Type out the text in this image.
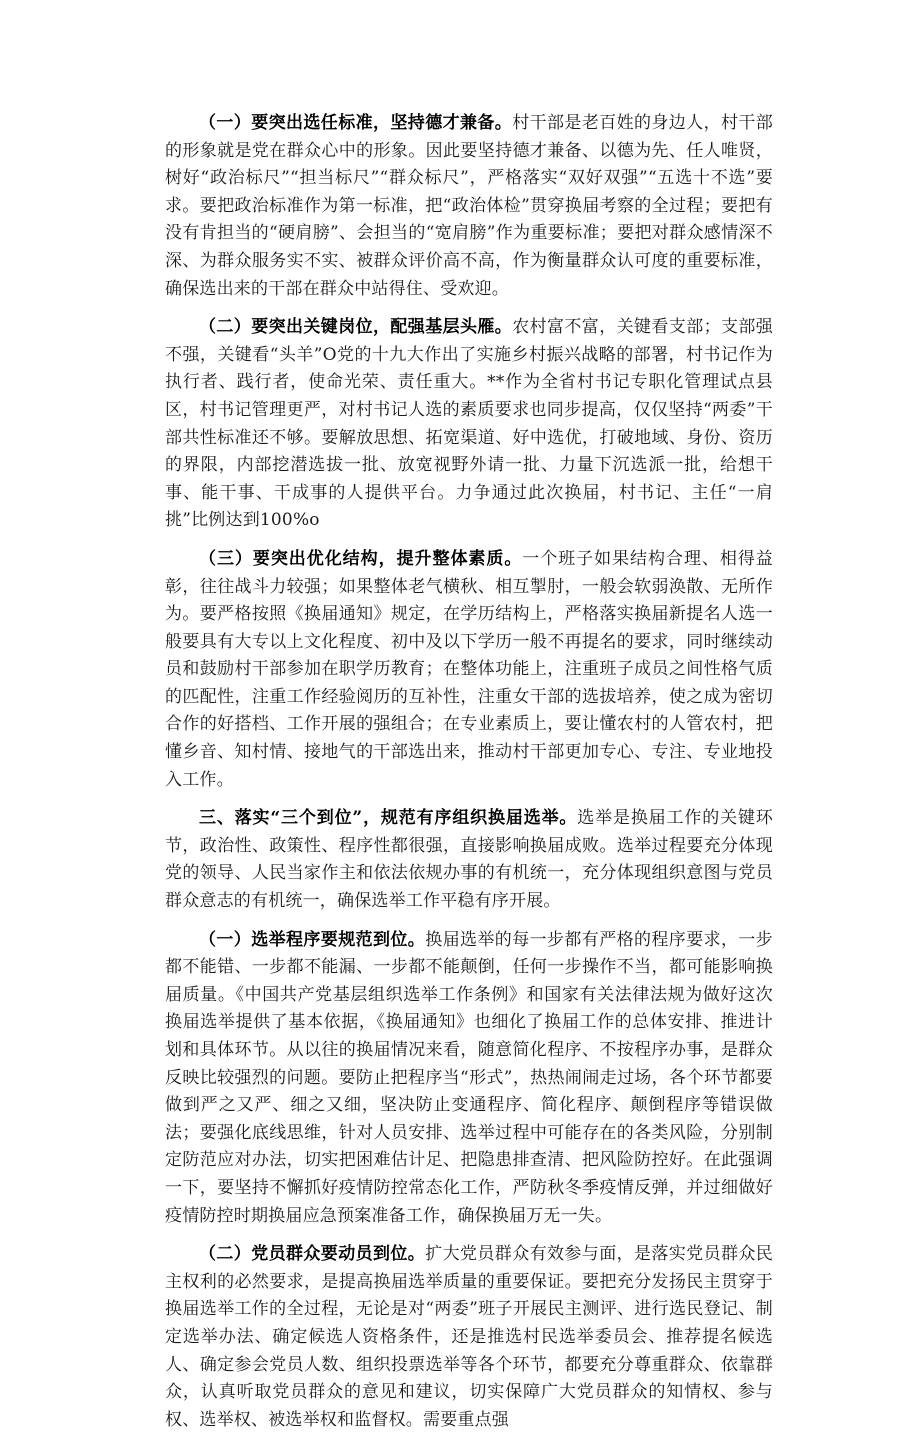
（一）要突出选任标准，坚持德才兼备。村干部是老百姓的身边人，村干部的形象就是党在群众心中的形象。因此要坚持德才兼备、以德为先、任人唯贤，树好“政治标尺”“担当标尺”“群众标尺”，严格落实“双好双强”“五选十不选”要求。要把政治标准作为第一标准，把“政治体检”贯穿换届考察的全过程；要把有没有肯担当的“硬肩膀”、会担当的“宽肩膀”作为重要标准；要把对群众感情深不深、为群众服务实不实、被群众评价高不高，作为衡量群众认可度的重要标准，确保选出来的干部在群众中站得住、受欢迎。

（二）要突出关键岗位，配强基层头雁。农村富不富，关键看支部；支部强不强，关键看“头羊”O党的十九大作出了实施乡村振兴战略的部署，村书记作为执行者、践行者，使命光荣、责任重大。**作为全省村书记专职化管理试点县区，村书记管理更严，对村书记人选的素质要求也同步提高，仅仅坚持“两委”干部共性标准还不够。要解放思想、拓宽渠道、好中选优，打破地域、身份、资历的界限，内部挖潜选拔一批、放宽视野外请一批、力量下沉选派一批，给想干事、能干事、干成事的人提供平台。力争通过此次换届，村书记、主任“一肩挑”比例达到100%o

（三）要突出优化结构，提升整体素质。一个班子如果结构合理、相得益彰，往往战斗力较强；如果整体老气横秋、相互掣肘，一般会软弱涣散、无所作为。要严格按照《换届通知》规定，在学历结构上，严格落实换届新提名人选一般要具有大专以上文化程度、初中及以下学历一般不再提名的要求，同时继续动员和鼓励村干部参加在职学历教育；在整体功能上，注重班子成员之间性格气质的匹配性，注重工作经验阅历的互补性，注重女干部的选拔培养，使之成为密切合作的好搭档、工作开展的强组合；在专业素质上，要让懂农村的人管农村，把懂乡音、知村情、接地气的干部选出来，推动村干部更加专心、专注、专业地投入工作。

三、落实“三个到位”，规范有序组织换届选举。选举是换届工作的关键环节，政治性、政策性、程序性都很强，直接影响换届成败。选举过程要充分体现党的领导、人民当家作主和依法依规办事的有机统一，充分体现组织意图与党员群众意志的有机统一，确保选举工作平稳有序开展。

（一）选举程序要规范到位。换届选举的每一步都有严格的程序要求，一步都不能错、一步都不能漏、一步都不能颠倒，任何一步操作不当，都可能影响换届质量。《中国共产党基层组织选举工作条例》和国家有关法律法规为做好这次换届选举提供了基本依据，《换届通知》也细化了换届工作的总体安排、推进计划和具体环节。从以往的换届情况来看，随意简化程序、不按程序办事，是群众反映比较强烈的问题。要防止把程序当“形式”，热热闹闹走过场，各个环节都要做到严之又严、细之又细，坚决防止变通程序、简化程序、颠倒程序等错误做法；要强化底线思维，针对人员安排、选举过程中可能存在的各类风险，分别制定防范应对办法，切实把困难估计足、把隐患排查清、把风险防控好。在此强调一下，要坚持不懈抓好疫情防控常态化工作，严防秋冬季疫情反弹，并过细做好疫情防控时期换届应急预案准备工作，确保换届万无一失。

（二）党员群众要动员到位。扩大党员群众有效参与面，是落实党员群众民主权利的必然要求，是提高换届选举质量的重要保证。要把充分发扬民主贯穿于换届选举工作的全过程，无论是对“两委”班子开展民主测评、进行选民登记、制定选举办法、确定候选人资格条件，还是推选村民选举委员会、推荐提名候选人、确定参会党员人数、组织投票选举等各个环节，都要充分尊重群众、依靠群众，认真听取党员群众的意见和建议，切实保障广大党员群众的知情权、参与权、选举权、被选举权和监督权。需要重点强
